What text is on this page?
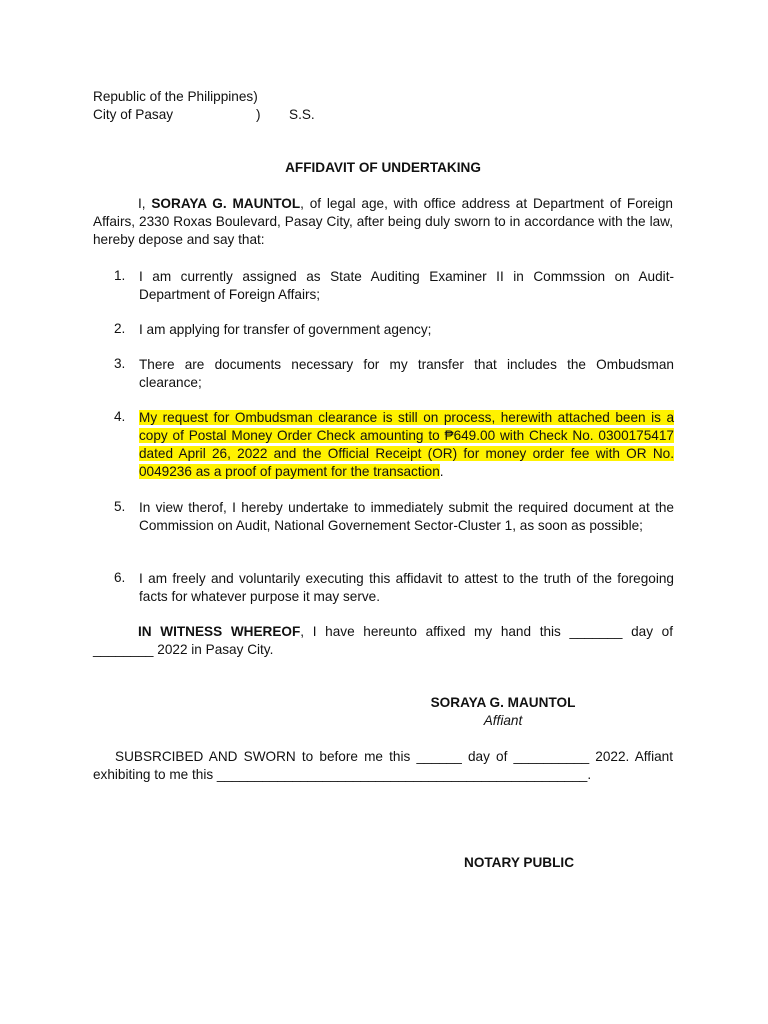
Republic of the Philippines)
City of Pasay	) S.S.
AFFIDAVIT OF UNDERTAKING
I, SORAYA G. MAUNTOL, of legal age, with office address at Department of Foreign Affairs, 2330 Roxas Boulevard, Pasay City, after being duly sworn to in accordance with the law, hereby depose and say that:
1.	I am currently assigned as State Auditing Examiner II in Commssion on Audit- Department of Foreign Affairs;
2.	I am applying for transfer of government agency;
3.	There are documents necessary for my transfer that includes the Ombudsman clearance;
4.	My request for Ombudsman clearance is still on process, herewith attached been is a copy of Postal Money Order Check amounting to ₱649.00 with Check No. 0300175417 dated April 26, 2022 and the Official Receipt (OR) for money order fee with OR No. 0049236 as a proof of payment for the transaction.
5.	In view therof, I hereby undertake to immediately submit the required document at the Commission on Audit, National Governement Sector-Cluster 1, as soon as possible;
6.	I am freely and voluntarily executing this affidavit to attest to the truth of the foregoing facts for whatever purpose it may serve.
IN WITNESS WHEREOF, I have hereunto affixed my hand this _______ day of ________ 2022 in Pasay City.
SORAYA G. MAUNTOL
Affiant
SUBSRCIBED AND SWORN to before me this ______ day of __________ 2022. Affiant exhibiting to me this _________________________________________________.
NOTARY PUBLIC
